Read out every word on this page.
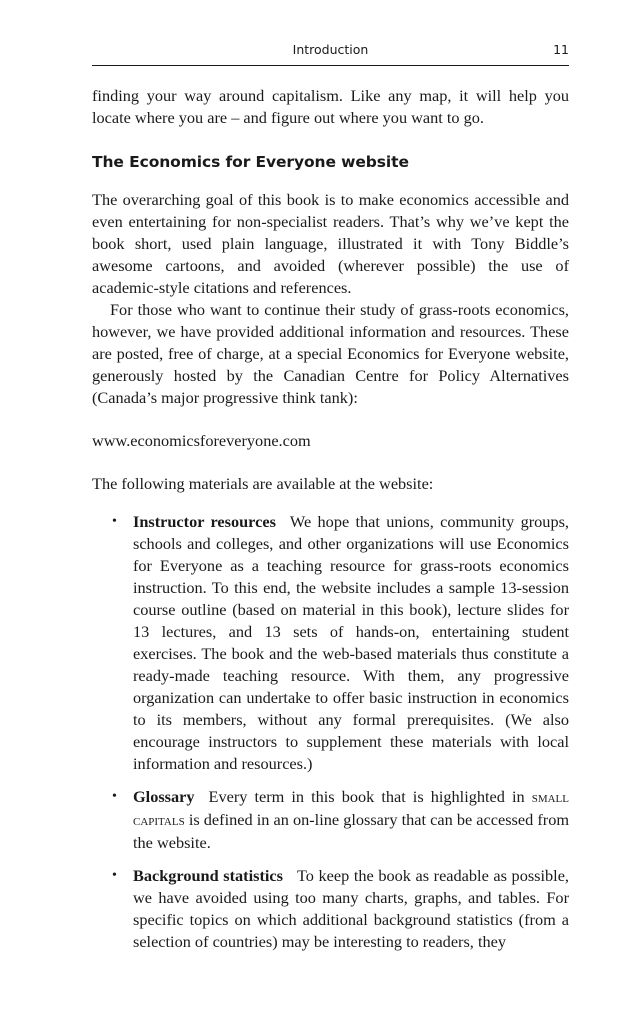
Introduction	11

finding your way around capitalism. Like any map, it will help you locate where you are – and figure out where you want to go.

The Economics for Everyone website

The overarching goal of this book is to make economics accessible and even entertaining for non-specialist readers. That’s why we’ve kept the book short, used plain language, illustrated it with Tony Biddle’s awesome cartoons, and avoided (wherever possible) the use of academic-style citations and references.

For those who want to continue their study of grass-roots economics, however, we have provided additional information and resources. These are posted, free of charge, at a special Economics for Everyone website, generously hosted by the Canadian Centre for Policy Alternatives (Canada’s major progressive think tank):

www.economicsforeveryone.com

The following materials are available at the website:

• Instructor resources We hope that unions, community groups, schools and colleges, and other organizations will use Economics for Everyone as a teaching resource for grass-roots economics instruction. To this end, the website includes a sample 13-session course outline (based on material in this book), lecture slides for 13 lectures, and 13 sets of hands-on, entertaining student exercises. The book and the web-based materials thus constitute a ready-made teaching resource. With them, any progressive organization can undertake to offer basic instruction in economics to its members, without any formal prerequisites. (We also encourage instructors to supplement these materials with local information and resources.)

• Glossary Every term in this book that is highlighted in small capitals is defined in an on-line glossary that can be accessed from the website.

• Background statistics To keep the book as readable as possible, we have avoided using too many charts, graphs, and tables. For specific topics on which additional background statistics (from a selection of countries) may be interesting to readers, they
